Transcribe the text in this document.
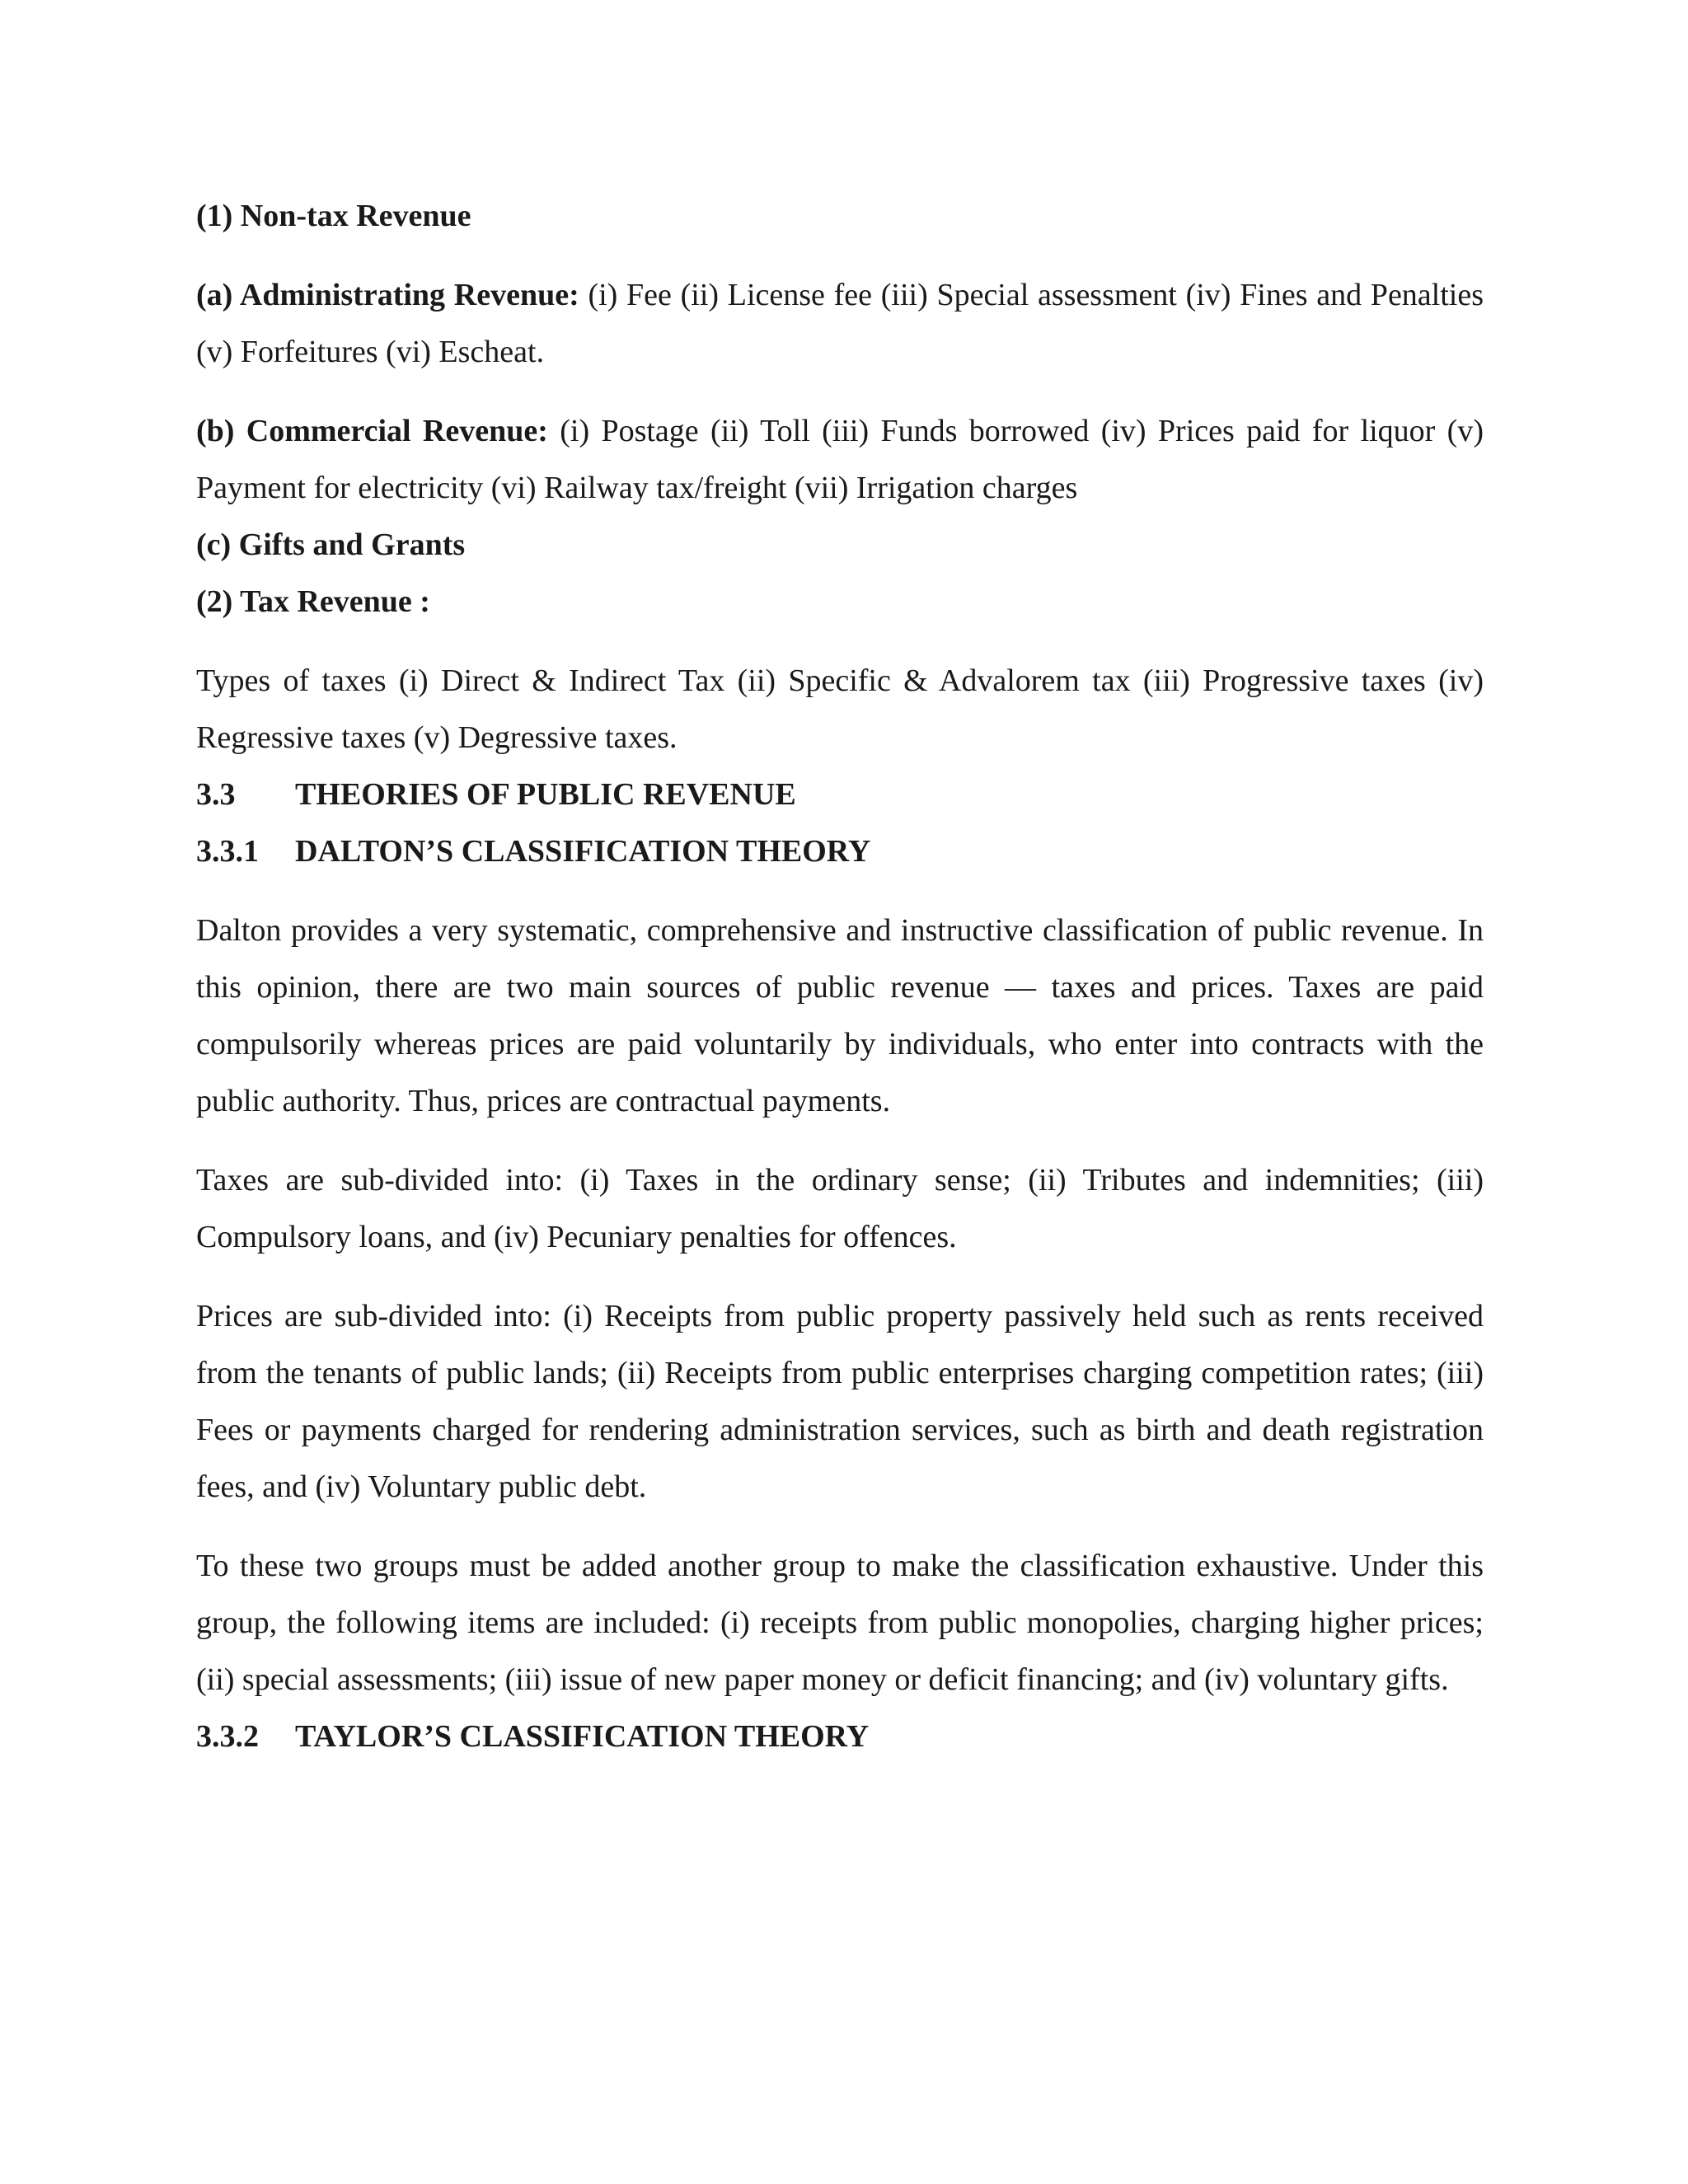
(1) Non-tax Revenue

(a) Administrating Revenue: (i) Fee (ii) License fee (iii) Special assessment (iv) Fines and Penalties (v) Forfeitures (vi) Escheat.

(b) Commercial Revenue: (i) Postage (ii) Toll (iii) Funds borrowed (iv) Prices paid for liquor (v) Payment for electricity (vi) Railway tax/freight (vii) Irrigation charges

(c) Gifts and Grants

(2) Tax Revenue :

Types of taxes (i) Direct & Indirect Tax (ii) Specific & Advalorem tax (iii) Progressive taxes (iv) Regressive taxes (v) Degressive taxes.

3.3 THEORIES OF PUBLIC REVENUE

3.3.1 DALTON’S CLASSIFICATION THEORY

Dalton provides a very systematic, comprehensive and instructive classification of public revenue. In this opinion, there are two main sources of public revenue — taxes and prices. Taxes are paid compulsorily whereas prices are paid voluntarily by individuals, who enter into contracts with the public authority. Thus, prices are contractual payments.

Taxes are sub-divided into: (i) Taxes in the ordinary sense; (ii) Tributes and indemnities; (iii) Compulsory loans, and (iv) Pecuniary penalties for offences.

Prices are sub-divided into: (i) Receipts from public property passively held such as rents received from the tenants of public lands; (ii) Receipts from public enterprises charging competition rates; (iii) Fees or payments charged for rendering administration services, such as birth and death registration fees, and (iv) Voluntary public debt.

To these two groups must be added another group to make the classification exhaustive. Under this group, the following items are included: (i) receipts from public monopolies, charging higher prices; (ii) special assessments; (iii) issue of new paper money or deficit financing; and (iv) voluntary gifts.

3.3.2 TAYLOR’S CLASSIFICATION THEORY
